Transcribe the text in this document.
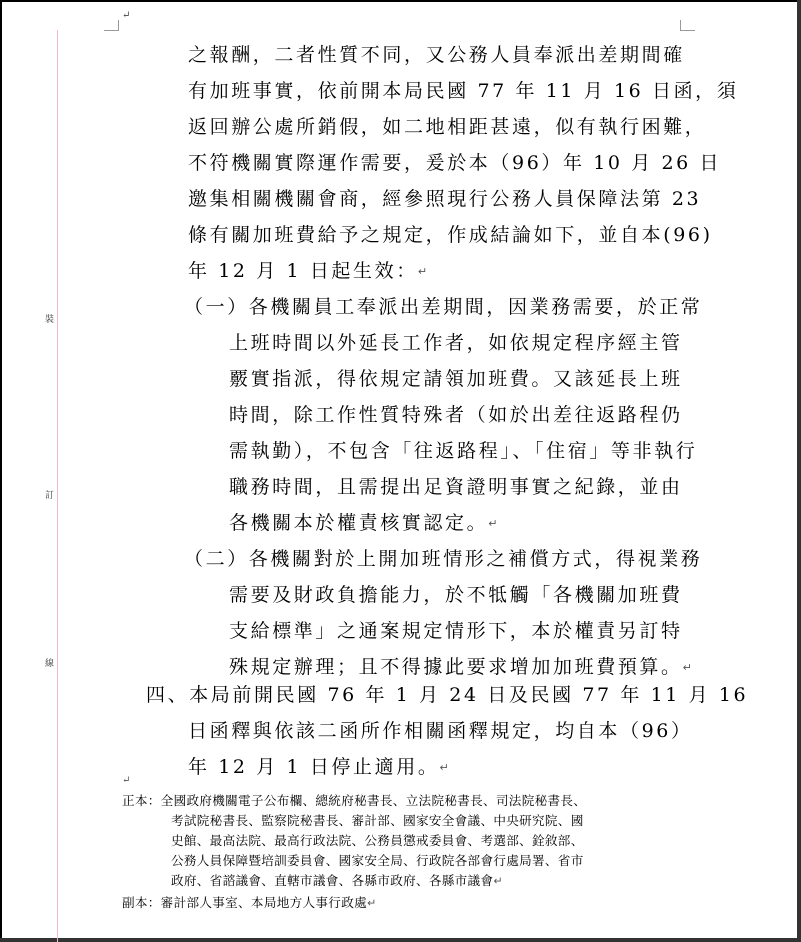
↵
裝
訂
線
之報酬，二者性質不同，又公務人員奉派出差期間確
有加班事實，依前開本局民國 77 年 11 月 16 日函，須
返回辦公處所銷假，如二地相距甚遠，似有執行困難，
不符機關實際運作需要，爰於本（96）年 10 月 26 日
邀集相關機關會商，經參照現行公務人員保障法第 23
條有關加班費給予之規定，作成結論如下，並自本(96)
年 12 月 1 日起生效：↵
（一）各機關員工奉派出差期間，因業務需要，於正常
上班時間以外延長工作者，如依規定程序經主管
覈實指派，得依規定請領加班費。又該延長上班
時間，除工作性質特殊者（如於出差往返路程仍
需執勤），不包含「往返路程」、「住宿」等非執行
職務時間，且需提出足資證明事實之紀錄，並由
各機關本於權責核實認定。↵
（二）各機關對於上開加班情形之補償方式，得視業務
需要及財政負擔能力，於不牴觸「各機關加班費
支給標準」之通案規定情形下，本於權責另訂特
殊規定辦理；且不得據此要求增加加班費預算。↵
四、本局前開民國 76 年 1 月 24 日及民國 77 年 11 月 16
日函釋與依該二函所作相關函釋規定，均自本（96）
年 12 月 1 日停止適用。↵
↵
正本：全國政府機關電子公布欄、總統府秘書長、立法院秘書長、司法院秘書長、
考試院秘書長、監察院秘書長、審計部、國家安全會議、中央研究院、國
史館、最高法院、最高行政法院、公務員懲戒委員會、考選部、銓敘部、
公務人員保障暨培訓委員會、國家安全局、行政院各部會行處局署、省市
政府、省諮議會、直轄市議會、各縣市政府、各縣市議會↵
副本：審計部人事室、本局地方人事行政處↵
